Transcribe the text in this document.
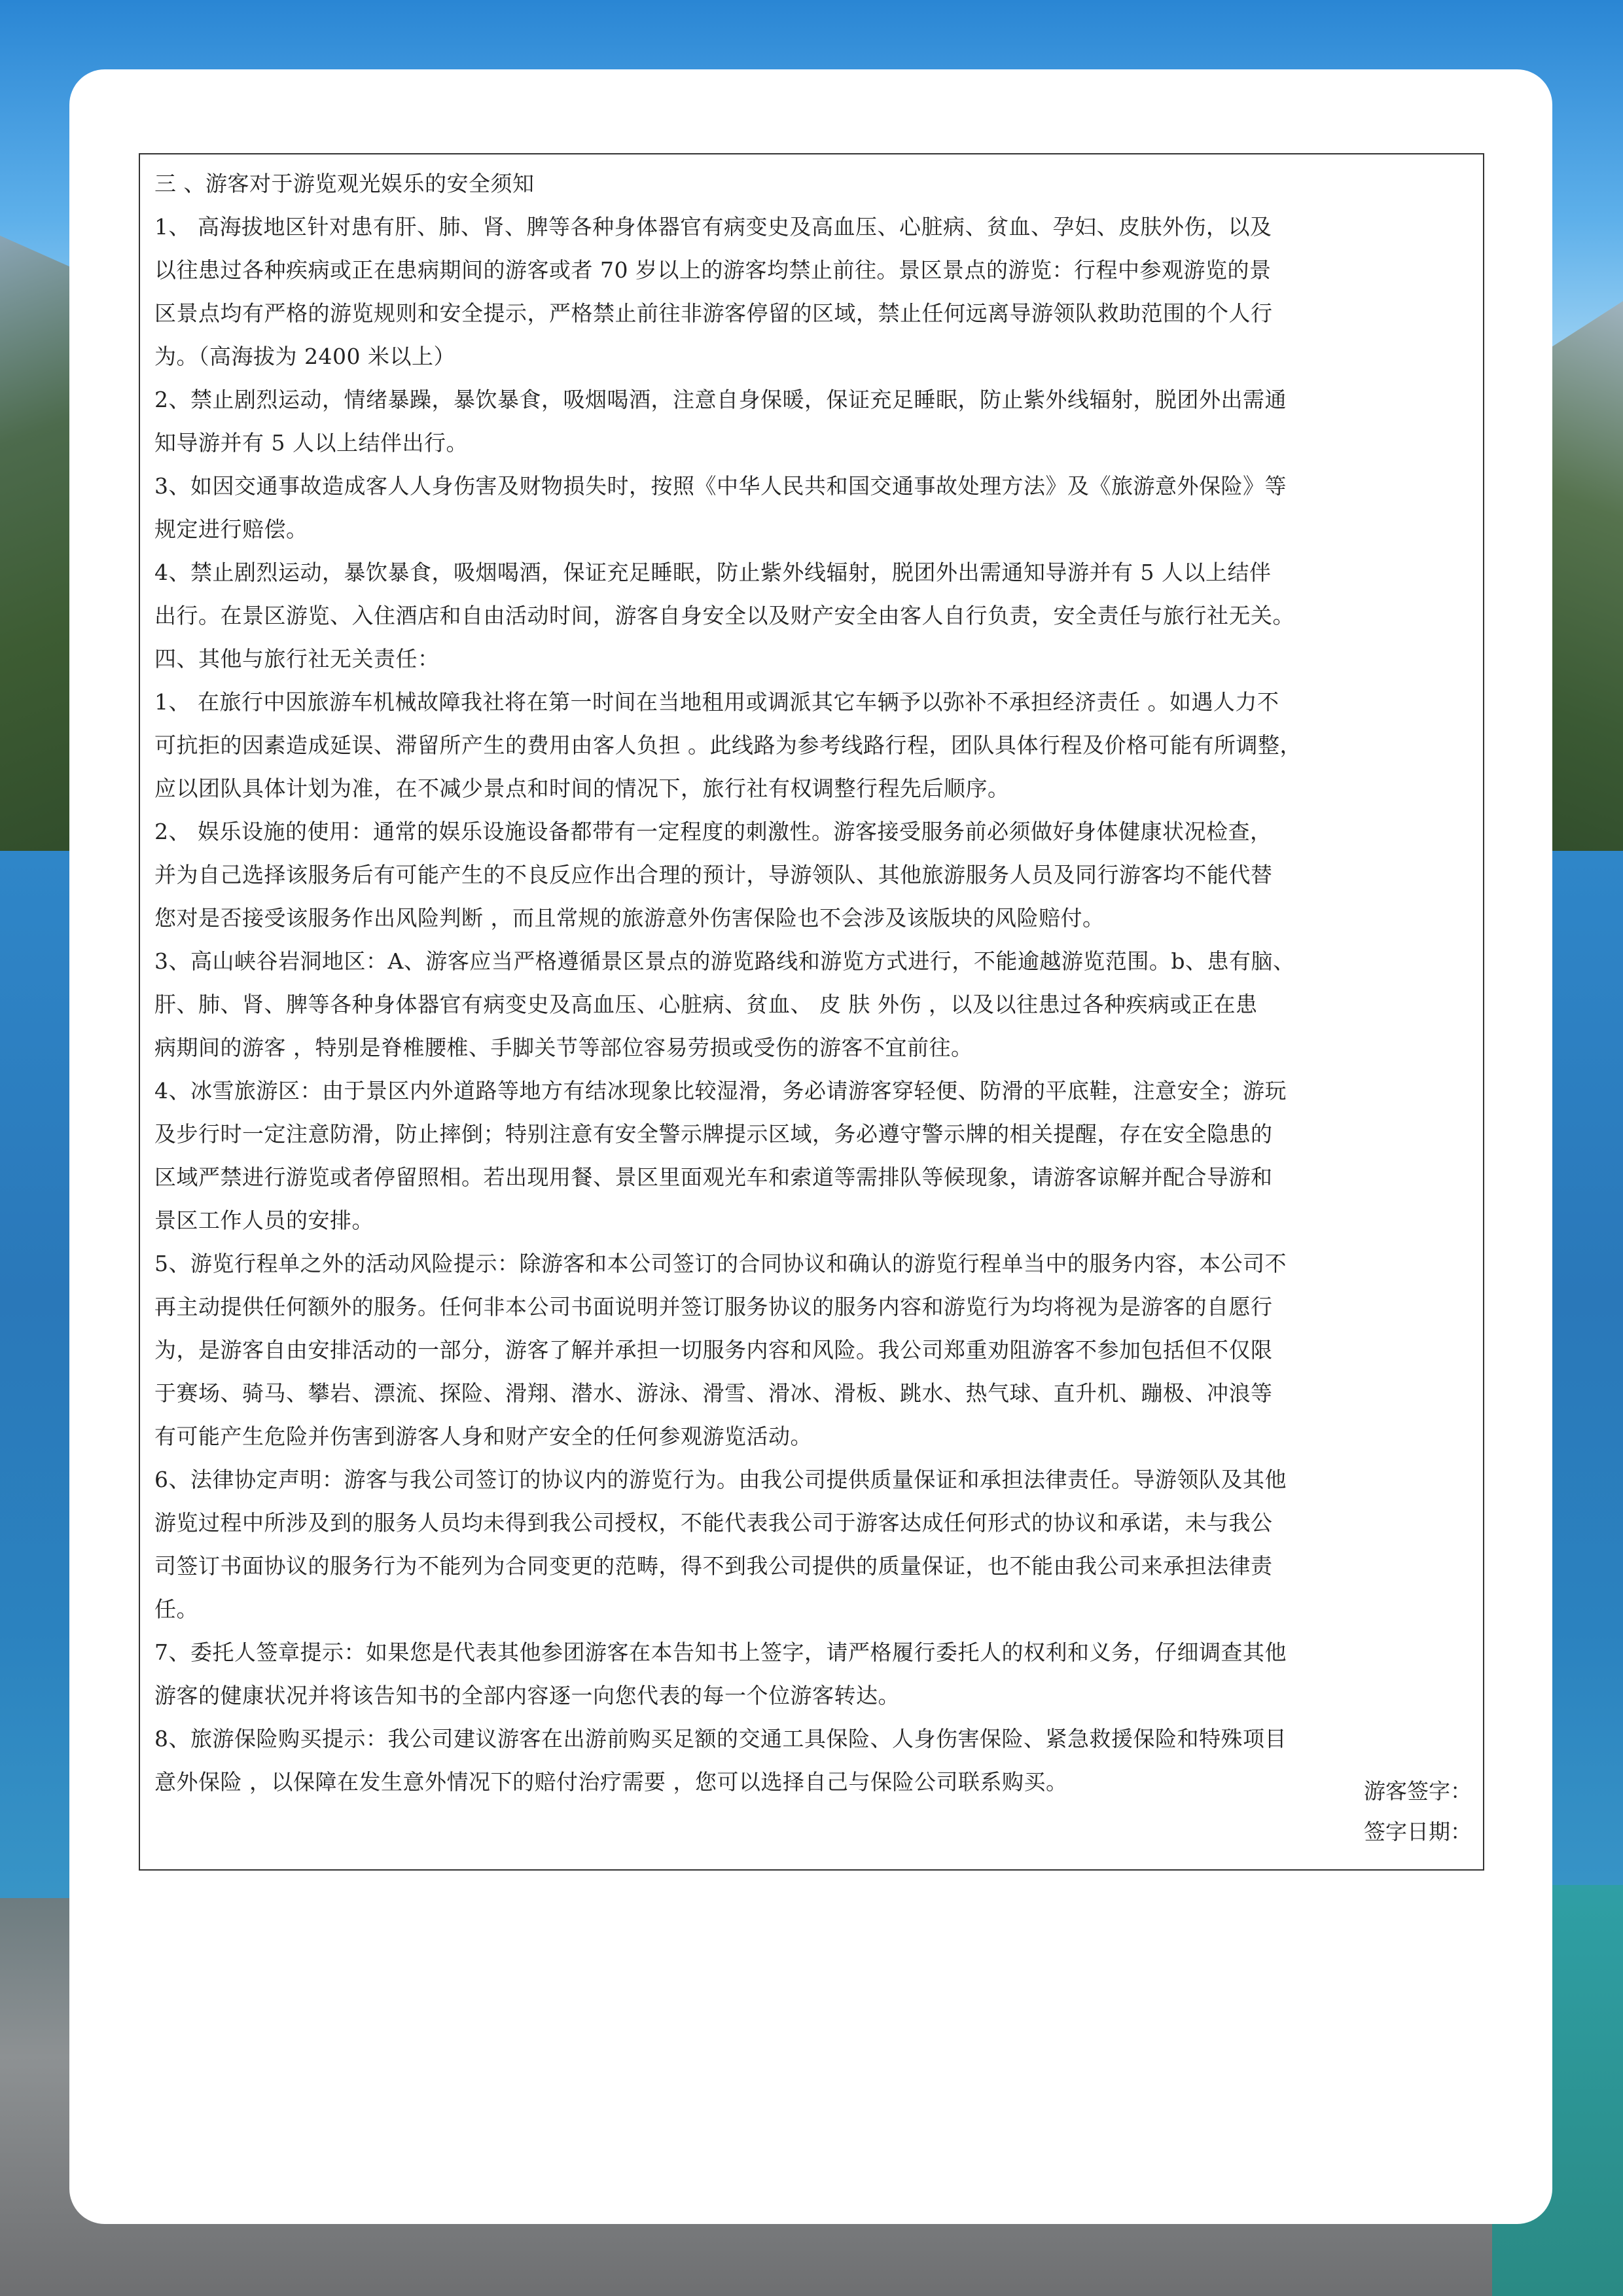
三 、游客对于游览观光娱乐的安全须知

1、 高海拔地区针对患有肝、肺、肾、脾等各种身体器官有病变史及高血压、心脏病、贫血、孕妇、皮肤外伤，以及

以往患过各种疾病或正在患病期间的游客或者 70 岁以上的游客均禁止前往。景区景点的游览：行程中参观游览的景

区景点均有严格的游览规则和安全提示，严格禁止前往非游客停留的区域，禁止任何远离导游领队救助范围的个人行

为。（高海拔为 2400 米以上）

2、禁止剧烈运动，情绪暴躁，暴饮暴食，吸烟喝酒，注意自身保暖，保证充足睡眠，防止紫外线辐射，脱团外出需通

知导游并有 5 人以上结伴出行。

3、如因交通事故造成客人人身伤害及财物损失时，按照《中华人民共和国交通事故处理方法》及《旅游意外保险》等

规定进行赔偿。

4、禁止剧烈运动，暴饮暴食，吸烟喝酒，保证充足睡眠，防止紫外线辐射，脱团外出需通知导游并有 5 人以上结伴

出行。在景区游览、入住酒店和自由活动时间，游客自身安全以及财产安全由客人自行负责，安全责任与旅行社无关。

四、其他与旅行社无关责任：

1、 在旅行中因旅游车机械故障我社将在第一时间在当地租用或调派其它车辆予以弥补不承担经济责任 。如遇人力不

可抗拒的因素造成延误、滞留所产生的费用由客人负担 。此线路为参考线路行程，团队具体行程及价格可能有所调整，

应以团队具体计划为准，在不减少景点和时间的情况下，旅行社有权调整行程先后顺序。

2、 娱乐设施的使用：通常的娱乐设施设备都带有一定程度的刺激性。游客接受服务前必须做好身体健康状况检查，

并为自己选择该服务后有可能产生的不良反应作出合理的预计，导游领队、其他旅游服务人员及同行游客均不能代替

您对是否接受该服务作出风险判断 ，而且常规的旅游意外伤害保险也不会涉及该版块的风险赔付。

3、高山峡谷岩洞地区：A、游客应当严格遵循景区景点的游览路线和游览方式进行，不能逾越游览范围。b、患有脑、

肝、肺、肾、脾等各种身体器官有病变史及高血压、心脏病、贫血、 皮 肤 外伤 ，以及以往患过各种疾病或正在患

病期间的游客 ，特别是脊椎腰椎、手脚关节等部位容易劳损或受伤的游客不宜前往。

4、冰雪旅游区：由于景区内外道路等地方有结冰现象比较湿滑，务必请游客穿轻便、防滑的平底鞋，注意安全；游玩

及步行时一定注意防滑，防止摔倒；特别注意有安全警示牌提示区域，务必遵守警示牌的相关提醒，存在安全隐患的

区域严禁进行游览或者停留照相。若出现用餐、景区里面观光车和索道等需排队等候现象，请游客谅解并配合导游和

景区工作人员的安排。

5、游览行程单之外的活动风险提示：除游客和本公司签订的合同协议和确认的游览行程单当中的服务内容，本公司不

再主动提供任何额外的服务。任何非本公司书面说明并签订服务协议的服务内容和游览行为均将视为是游客的自愿行

为，是游客自由安排活动的一部分，游客了解并承担一切服务内容和风险。我公司郑重劝阻游客不参加包括但不仅限

于赛场、骑马、攀岩、漂流、探险、滑翔、潜水、游泳、滑雪、滑冰、滑板、跳水、热气球、直升机、蹦极、冲浪等

有可能产生危险并伤害到游客人身和财产安全的任何参观游览活动。

6、法律协定声明：游客与我公司签订的协议内的游览行为。由我公司提供质量保证和承担法律责任。导游领队及其他

游览过程中所涉及到的服务人员均未得到我公司授权，不能代表我公司于游客达成任何形式的协议和承诺，未与我公

司签订书面协议的服务行为不能列为合同变更的范畴，得不到我公司提供的质量保证，也不能由我公司来承担法律责

任。

7、委托人签章提示：如果您是代表其他参团游客在本告知书上签字，请严格履行委托人的权利和义务，仔细调查其他

游客的健康状况并将该告知书的全部内容逐一向您代表的每一个位游客转达。

8、旅游保险购买提示：我公司建议游客在出游前购买足额的交通工具保险、人身伤害保险、紧急救援保险和特殊项目

意外保险 ，以保障在发生意外情况下的赔付治疗需要 ，您可以选择自己与保险公司联系购买。	游客签字：
签字日期：
